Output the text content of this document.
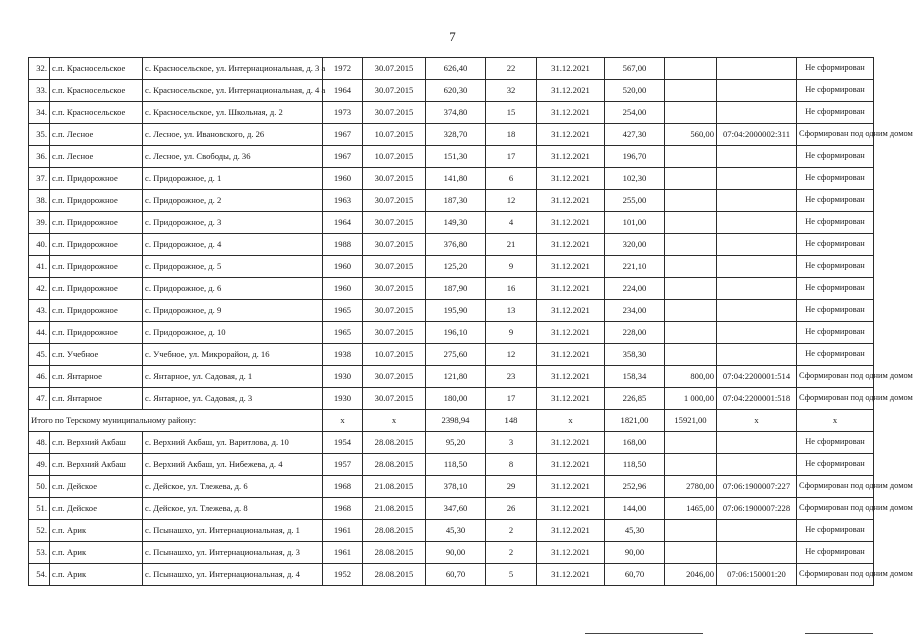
7
32.	с.п. Красносельское	с. Красносельское, ул. Интернациональная, д. 3 а	1972	30.07.2015	626,40	22	31.12.2021	567,00			Не сформирован
33.	с.п. Красносельское	с. Красносельское, ул. Интернациональная, д. 4 а	1964	30.07.2015	620,30	32	31.12.2021	520,00			Не сформирован
34.	с.п. Красносельское	с. Красносельское, ул. Школьная, д. 2	1973	30.07.2015	374,80	15	31.12.2021	254,00			Не сформирован
35.	с.п. Лесное	с. Лесное, ул. Ивановского, д. 26	1967	10.07.2015	328,70	18	31.12.2021	427,30	560,00	07:04:2000002:311	Сформирован под одним домом
36.	с.п. Лесное	с. Лесное, ул. Свободы, д. 36	1967	10.07.2015	151,30	17	31.12.2021	196,70			Не сформирован
37.	с.п. Придорожное	с. Придорожное, д. 1	1960	30.07.2015	141,80	6	31.12.2021	102,30			Не сформирован
38.	с.п. Придорожное	с. Придорожное, д. 2	1963	30.07.2015	187,30	12	31.12.2021	255,00			Не сформирован
39.	с.п. Придорожное	с. Придорожное, д. 3	1964	30.07.2015	149,30	4	31.12.2021	101,00			Не сформирован
40.	с.п. Придорожное	с. Придорожное, д. 4	1988	30.07.2015	376,80	21	31.12.2021	320,00			Не сформирован
41.	с.п. Придорожное	с. Придорожное, д. 5	1960	30.07.2015	125,20	9	31.12.2021	221,10			Не сформирован
42.	с.п. Придорожное	с. Придорожное, д. 6	1960	30.07.2015	187,90	16	31.12.2021	224,00			Не сформирован
43.	с.п. Придорожное	с. Придорожное, д. 9	1965	30.07.2015	195,90	13	31.12.2021	234,00			Не сформирован
44.	с.п. Придорожное	с. Придорожное, д. 10	1965	30.07.2015	196,10	9	31.12.2021	228,00			Не сформирован
45.	с.п. Учебное	с. Учебное, ул. Микрорайон, д. 16	1938	10.07.2015	275,60	12	31.12.2021	358,30			Не сформирован
46.	с.п. Янтарное	с. Янтарное, ул. Садовая, д. 1	1930	30.07.2015	121,80	23	31.12.2021	158,34	800,00	07:04:2200001:514	Сформирован под одним домом
47.	с.п. Янтарное	с. Янтарное, ул. Садовая, д. 3	1930	30.07.2015	180,00	17	31.12.2021	226,85	1 000,00	07:04:2200001:518	Сформирован под одним домом
Итого по Терскому муниципальному району:			x	x	2398,94	148	x	1821,00	15921,00	x	x
48.	с.п. Верхний Акбаш	с. Верхний Акбаш, ул. Варитлова, д. 10	1954	28.08.2015	95,20	3	31.12.2021	168,00			Не сформирован
49.	с.п. Верхний Акбаш	с. Верхний Акбаш, ул. Нибежева, д. 4	1957	28.08.2015	118,50	8	31.12.2021	118,50			Не сформирован
50.	с.п. Дейское	с. Дейское, ул. Тлежева, д. 6	1968	21.08.2015	378,10	29	31.12.2021	252,96	2780,00	07:06:1900007:227	Сформирован под одним домом
51.	с.п. Дейское	с. Дейское, ул. Тлежева, д. 8	1968	21.08.2015	347,60	26	31.12.2021	144,00	1465,00	07:06:1900007:228	Сформирован под одним домом
52.	с.п. Арик	с. Псынашхо, ул. Интернациональная, д. 1	1961	28.08.2015	45,30	2	31.12.2021	45,30			Не сформирован
53.	с.п. Арик	с. Псынашхо, ул. Интернациональная, д. 3	1961	28.08.2015	90,00	2	31.12.2021	90,00			Не сформирован
54.	с.п. Арик	с. Псынашхо, ул. Интернациональная, д. 4	1952	28.08.2015	60,70	5	31.12.2021	60,70	2046,00	07:06:150001:20	Сформирован под одним домом
